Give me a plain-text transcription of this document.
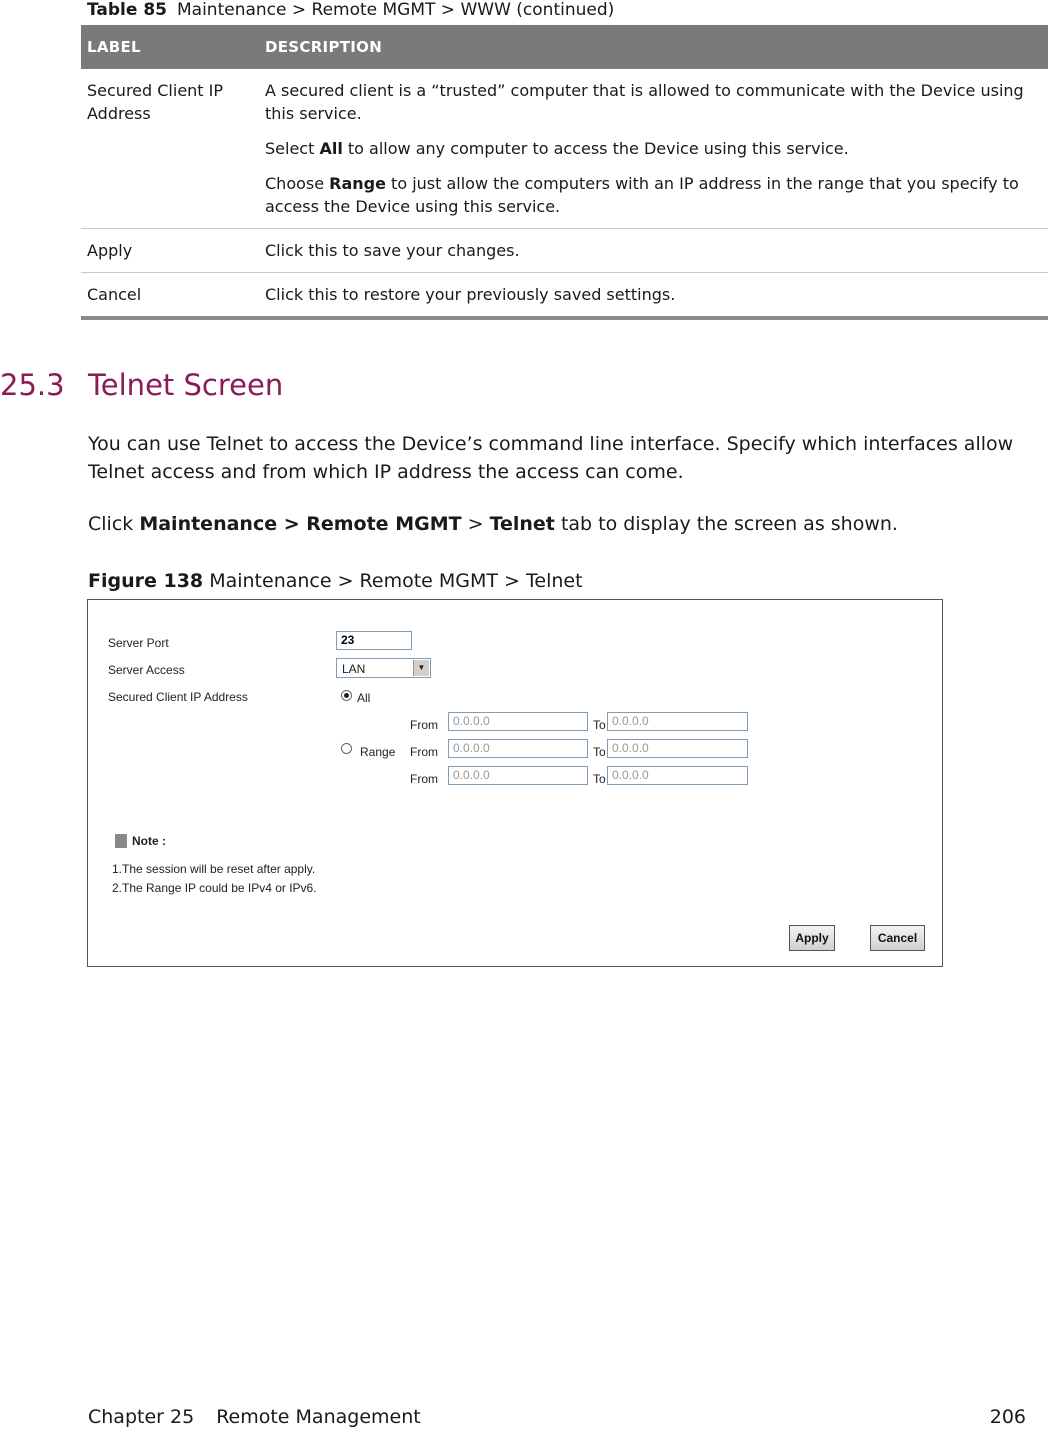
Table 85 Maintenance > Remote MGMT > WWW (continued)
LABEL	DESCRIPTION
Secured Client IP Address	A secured client is a “trusted” computer that is allowed to communicate with the Device using this service.

Select All to allow any computer to access the Device using this service.

Choose Range to just allow the computers with an IP address in the range that you specify to access the Device using this service.

Apply	Click this to save your changes.
Cancel	Click this to restore your previously saved settings.
25.3 Telnet Screen
You can use Telnet to access the Device’s command line interface. Specify which interfaces allow Telnet access and from which IP address the access can come.
Click Maintenance > Remote MGMT > Telnet tab to display the screen as shown.
Figure 138 Maintenance > Remote MGMT > Telnet
Server Port	23
Server Access	LAN	▼
Secured Client IP Address	All
Range
From	0.0.0.0	To 0.0.0.0
From	0.0.0.0	To 0.0.0.0
From	0.0.0.0	To 0.0.0.0
Note :
1.The session will be reset after apply.
2.The Range IP could be IPv4 or IPv6.
Apply	Cancel
Chapter 25 Remote Management	206
